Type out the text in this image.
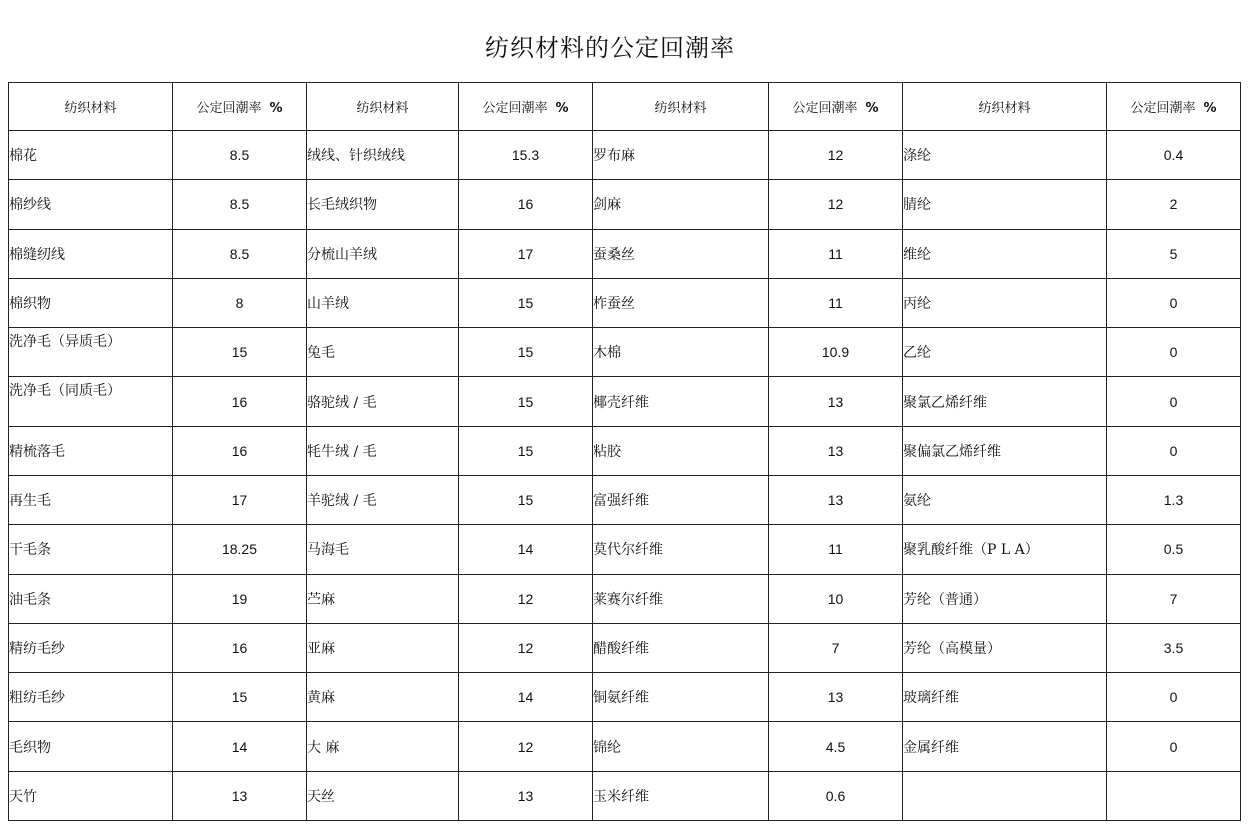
纺织材料的公定回潮率
纺织材料	公定回潮率 %	纺织材料	公定回潮率 %	纺织材料	公定回潮率 %	纺织材料	公定回潮率 %
棉花	8.5	绒线、针织绒线	15.3	罗布麻	12	涤纶	0.4
棉纱线	8.5	长毛绒织物	16	剑麻	12	腈纶	2
棉缝纫线	8.5	分梳山羊绒	17	蚕桑丝	11	维纶	5
棉织物	8	山羊绒	15	柞蚕丝	11	丙纶	0
洗净毛（异质毛）	15	兔毛	15	木棉	10.9	乙纶	0
洗净毛（同质毛）	16	骆驼绒 / 毛	15	椰壳纤维	13	聚氯乙烯纤维	0
精梳落毛	16	牦牛绒 / 毛	15	粘胶	13	聚偏氯乙烯纤维	0
再生毛	17	羊驼绒 / 毛	15	富强纤维	13	氨纶	1.3
干毛条	18.25	马海毛	14	莫代尔纤维	11	聚乳酸纤维（P L A）	0.5
油毛条	19	苎麻	12	莱赛尔纤维	10	芳纶（普通）	7
精纺毛纱	16	亚麻	12	醋酸纤维	7	芳纶（高模量）	3.5
粗纺毛纱	15	黄麻	14	铜氨纤维	13	玻璃纤维	0
毛织物	14	大 麻	12	锦纶	4.5	金属纤维	0
天竹	13	天丝	13	玉米纤维	0.6		
